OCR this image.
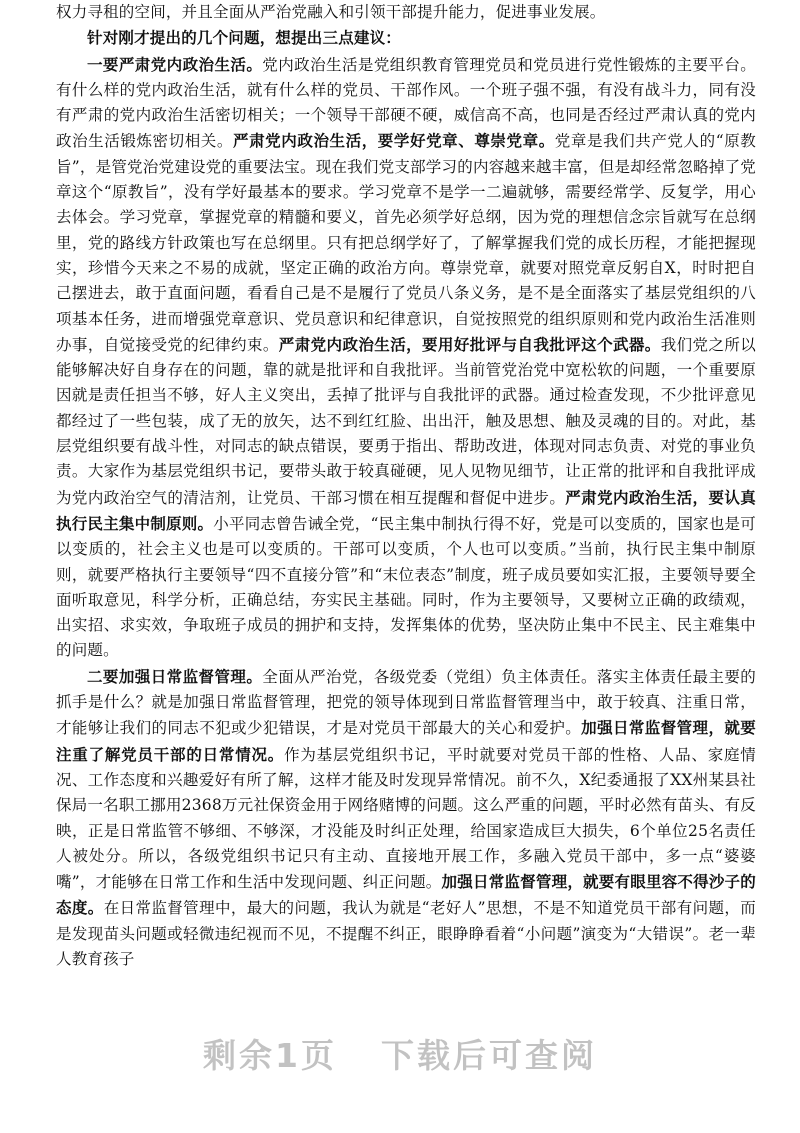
权力寻租的空间，并且全面从严治党融入和引领干部提升能力，促进事业发展。

针对刚才提出的几个问题，想提出三点建议：

一要严肃党内政治生活。党内政治生活是党组织教育管理党员和党员进行党性锻炼的主要平台。有什么样的党内政治生活，就有什么样的党员、干部作风。一个班子强不强，有没有战斗力，同有没有严肃的党内政治生活密切相关；一个领导干部硬不硬，威信高不高，也同是否经过严肃认真的党内政治生活锻炼密切相关。严肃党内政治生活，要学好党章、尊崇党章。党章是我们共产党人的“原教旨”，是管党治党建设党的重要法宝。现在我们党支部学习的内容越来越丰富，但是却经常忽略掉了党章这个“原教旨”，没有学好最基本的要求。学习党章不是学一二遍就够，需要经常学、反复学，用心去体会。学习党章，掌握党章的精髓和要义，首先必须学好总纲，因为党的理想信念宗旨就写在总纲里，党的路线方针政策也写在总纲里。只有把总纲学好了，了解掌握我们党的成长历程，才能把握现实，珍惜今天来之不易的成就，坚定正确的政治方向。尊崇党章，就要对照党章反躬自X，时时把自己摆进去，敢于直面问题，看看自己是不是履行了党员八条义务，是不是全面落实了基层党组织的八项基本任务，进而增强党章意识、党员意识和纪律意识，自觉按照党的组织原则和党内政治生活准则办事，自觉接受党的纪律约束。严肃党内政治生活，要用好批评与自我批评这个武器。我们党之所以能够解决好自身存在的问题，靠的就是批评和自我批评。当前管党治党中宽松软的问题，一个重要原因就是责任担当不够，好人主义突出，丢掉了批评与自我批评的武器。通过检查发现，不少批评意见都经过了一些包装，成了无的放矢，达不到红红脸、出出汗，触及思想、触及灵魂的目的。对此，基层党组织要有战斗性，对同志的缺点错误，要勇于指出、帮助改进，体现对同志负责、对党的事业负责。大家作为基层党组织书记，要带头敢于较真碰硬，见人见物见细节，让正常的批评和自我批评成为党内政治空气的清洁剂，让党员、干部习惯在相互提醒和督促中进步。严肃党内政治生活，要认真执行民主集中制原则。小平同志曾告诫全党，“民主集中制执行得不好，党是可以变质的，国家也是可以变质的，社会主义也是可以变质的。干部可以变质，个人也可以变质。”当前，执行民主集中制原则，就要严格执行主要领导“四不直接分管”和“末位表态”制度，班子成员要如实汇报，主要领导要全面听取意见，科学分析，正确总结，夯实民主基础。同时，作为主要领导，又要树立正确的政绩观，出实招、求实效，争取班子成员的拥护和支持，发挥集体的优势，坚决防止集中不民主、民主难集中的问题。

二要加强日常监督管理。全面从严治党，各级党委（党组）负主体责任。落实主体责任最主要的抓手是什么？就是加强日常监督管理，把党的领导体现到日常监督管理当中，敢于较真、注重日常，才能够让我们的同志不犯或少犯错误，才是对党员干部最大的关心和爱护。加强日常监督管理，就要注重了解党员干部的日常情况。作为基层党组织书记，平时就要对党员干部的性格、人品、家庭情况、工作态度和兴趣爱好有所了解，这样才能及时发现异常情况。前不久，X纪委通报了XX州某县社保局一名职工挪用2368万元社保资金用于网络赌博的问题。这么严重的问题，平时必然有苗头、有反映，正是日常监管不够细、不够深，才没能及时纠正处理，给国家造成巨大损失，6个单位25名责任人被处分。所以，各级党组织书记只有主动、直接地开展工作，多融入党员干部中，多一点“婆婆嘴”，才能够在日常工作和生活中发现问题、纠正问题。加强日常监督管理，就要有眼里容不得沙子的态度。在日常监督管理中，最大的问题，我认为就是“老好人”思想，不是不知道党员干部有问题，而是发现苗头问题或轻微违纪视而不见，不提醒不纠正，眼睁睁看着“小问题”演变为“大错误”。老一辈人教育孩子

剩余1页 下载后可查阅
